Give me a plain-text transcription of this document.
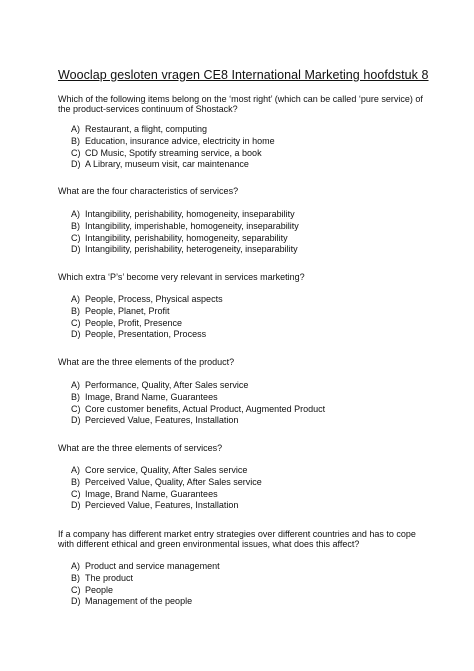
Wooclap gesloten vragen CE8 International Marketing hoofdstuk 8
Which of the following items belong on the ‘most right’ (which can be called ‘pure service) of the product-services continuum of Shostack?
A) Restaurant, a flight, computing
B) Education, insurance advice, electricity in home
C) CD Music, Spotify streaming service, a book
D) A Library, museum visit, car maintenance
What are the four characteristics of services?
A) Intangibility, perishability, homogeneity, inseparability
B) Intangibility, imperishable, homogeneity, inseparability
C) Intangibility, perishability, homogeneity, separability
D) Intangibility, perishability, heterogeneity, inseparability
Which extra ‘P’s’ become very relevant in services marketing?
A) People, Process, Physical aspects
B) People, Planet, Profit
C) People, Profit, Presence
D) People, Presentation, Process
What are the three elements of the product?
A) Performance, Quality, After Sales service
B) Image, Brand Name, Guarantees
C) Core customer benefits, Actual Product, Augmented Product
D) Percieved Value, Features, Installation
What are the three elements of services?
A) Core service, Quality, After Sales service
B) Perceived Value, Quality, After Sales service
C) Image, Brand Name, Guarantees
D) Percieved Value, Features, Installation
If a company has different market entry strategies over different countries and has to cope with different ethical and green environmental issues, what does this affect?
A) Product and service management
B) The product
C) People
D) Management of the people
